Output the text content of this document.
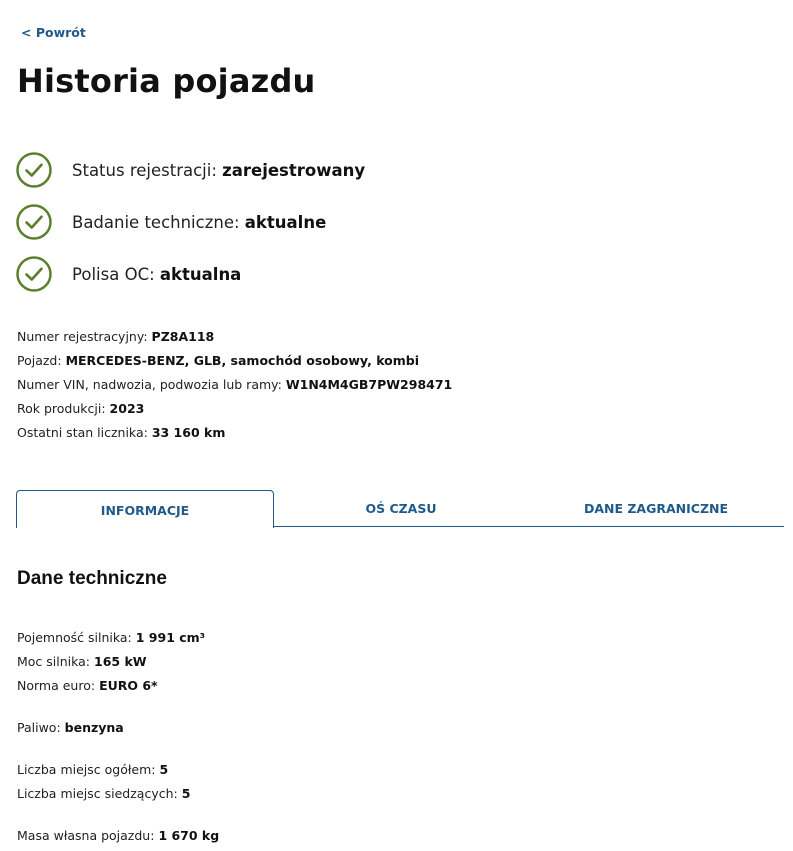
< Powrót
Historia pojazdu
Status rejestracji: zarejestrowany
Badanie techniczne: aktualne
Polisa OC: aktualna
Numer rejestracyjny: PZ8A118
Pojazd: MERCEDES-BENZ, GLB, samochód osobowy, kombi
Numer VIN, nadwozia, podwozia lub ramy: W1N4M4GB7PW298471
Rok produkcji: 2023
Ostatni stan licznika: 33 160 km
INFORMACJE	OŚ CZASU	DANE ZAGRANICZNE
Dane techniczne
Pojemność silnika: 1 991 cm³
Moc silnika: 165 kW
Norma euro: EURO 6*
Paliwo: benzyna
Liczba miejsc ogółem: 5
Liczba miejsc siedzących: 5
Masa własna pojazdu: 1 670 kg
